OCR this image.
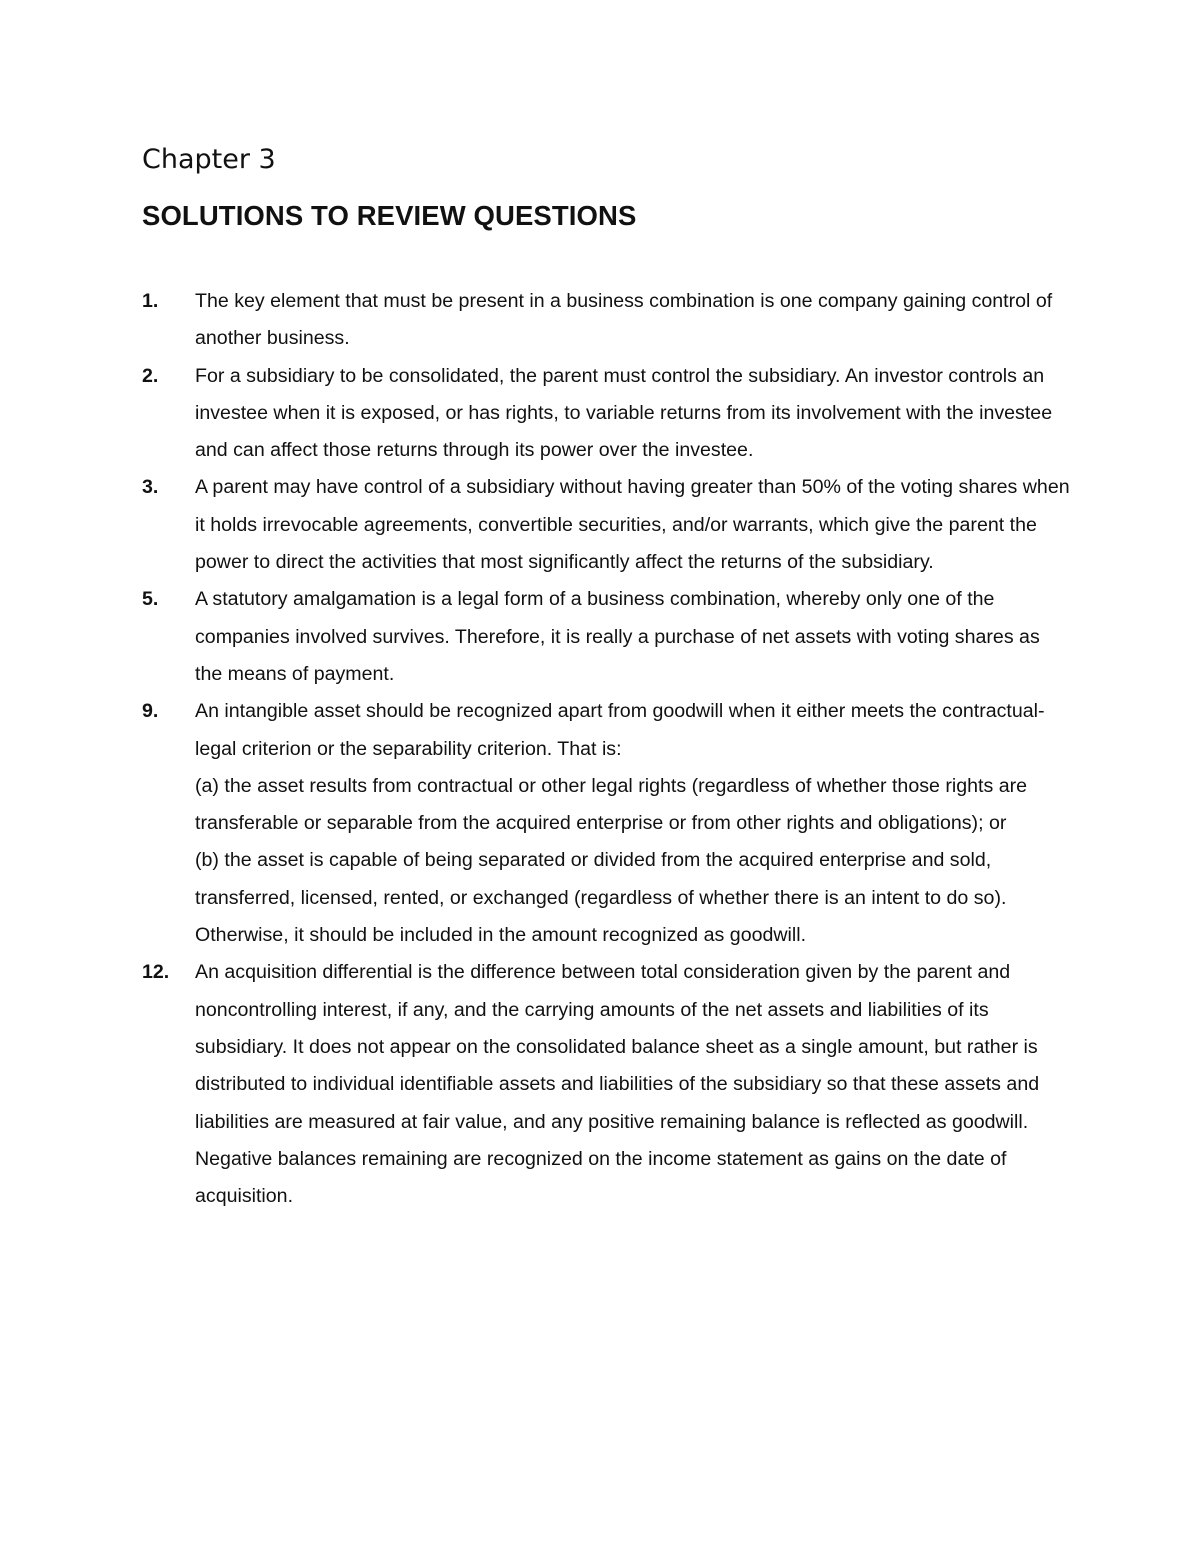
Chapter 3
SOLUTIONS TO REVIEW QUESTIONS
1. The key element that must be present in a business combination is one company gaining control of another business.

2. For a subsidiary to be consolidated, the parent must control the subsidiary. An investor controls an investee when it is exposed, or has rights, to variable returns from its involvement with the investee and can affect those returns through its power over the investee.

3. A parent may have control of a subsidiary without having greater than 50% of the voting shares when it holds irrevocable agreements, convertible securities, and/or warrants, which give the parent the power to direct the activities that most significantly affect the returns of the subsidiary.

5. A statutory amalgamation is a legal form of a business combination, whereby only one of the companies involved survives. Therefore, it is really a purchase of net assets with voting shares as the means of payment.

9. An intangible asset should be recognized apart from goodwill when it either meets the contractual-legal criterion or the separability criterion. That is:

(a) the asset results from contractual or other legal rights (regardless of whether those rights are transferable or separable from the acquired enterprise or from other rights and obligations); or

(b) the asset is capable of being separated or divided from the acquired enterprise and sold, transferred, licensed, rented, or exchanged (regardless of whether there is an intent to do so).

Otherwise, it should be included in the amount recognized as goodwill.

12. An acquisition differential is the difference between total consideration given by the parent and noncontrolling interest, if any, and the carrying amounts of the net assets and liabilities of its subsidiary. It does not appear on the consolidated balance sheet as a single amount, but rather is distributed to individual identifiable assets and liabilities of the subsidiary so that these assets and liabilities are measured at fair value, and any positive remaining balance is reflected as goodwill. Negative balances remaining are recognized on the income statement as gains on the date of acquisition.
